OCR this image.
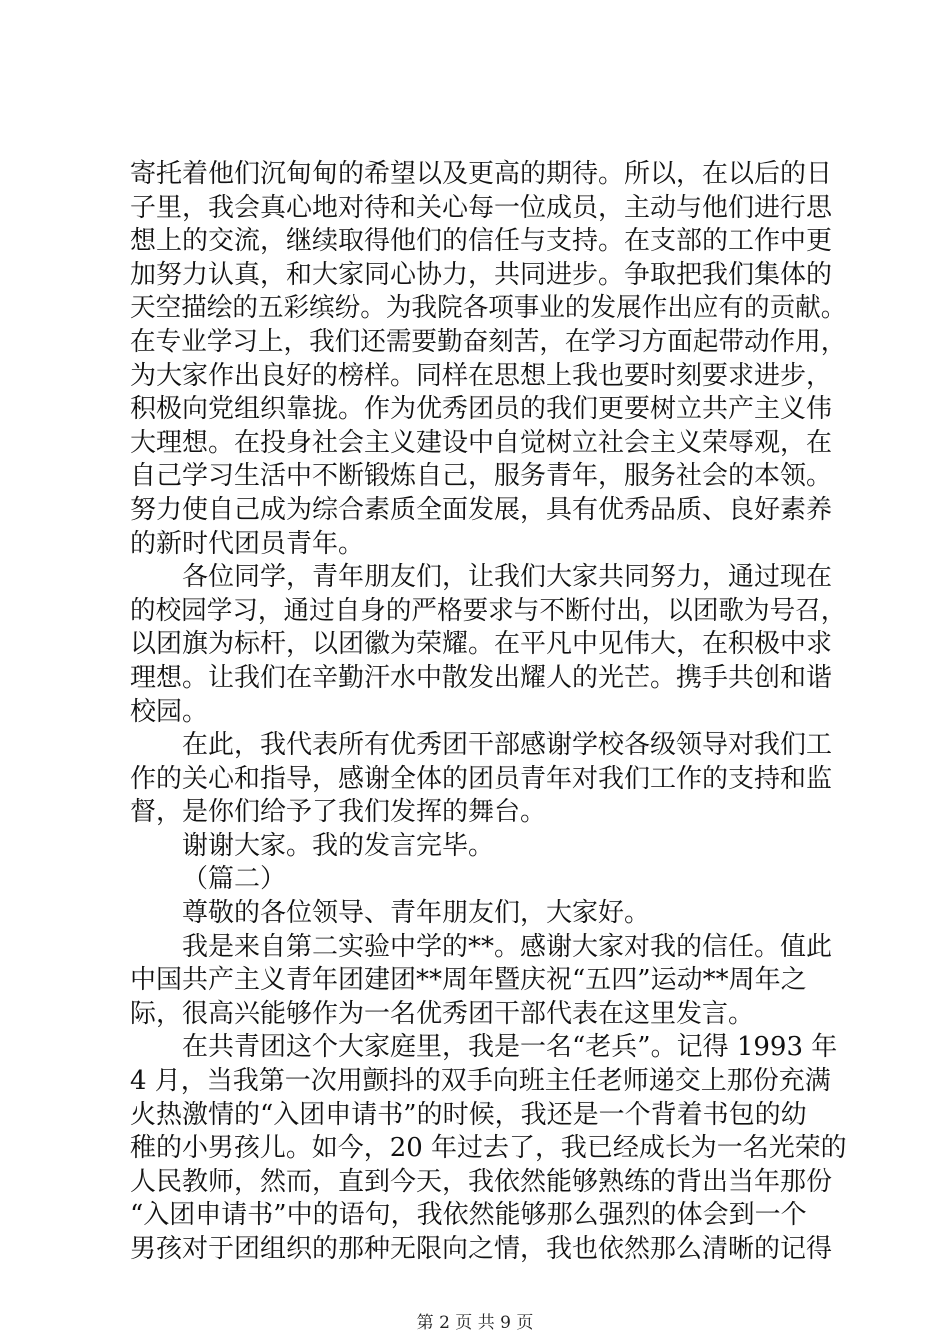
寄托着他们沉甸甸的希望以及更高的期待。所以，在以后的日
子里，我会真心地对待和关心每一位成员，主动与他们进行思
想上的交流，继续取得他们的信任与支持。在支部的工作中更
加努力认真，和大家同心协力，共同进步。争取把我们集体的
天空描绘的五彩缤纷。为我院各项事业的发展作出应有的贡献。
在专业学习上，我们还需要勤奋刻苦，在学习方面起带动作用，
为大家作出良好的榜样。同样在思想上我也要时刻要求进步，
积极向党组织靠拢。作为优秀团员的我们更要树立共产主义伟
大理想。在投身社会主义建设中自觉树立社会主义荣辱观，在
自己学习生活中不断锻炼自己，服务青年，服务社会的本领。
努力使自己成为综合素质全面发展，具有优秀品质、良好素养
的新时代团员青年。
各位同学，青年朋友们，让我们大家共同努力，通过现在
的校园学习，通过自身的严格要求与不断付出，以团歌为号召，
以团旗为标杆，以团徽为荣耀。在平凡中见伟大，在积极中求
理想。让我们在辛勤汗水中散发出耀人的光芒。携手共创和谐
校园。
在此，我代表所有优秀团干部感谢学校各级领导对我们工
作的关心和指导，感谢全体的团员青年对我们工作的支持和监
督，是你们给予了我们发挥的舞台。
谢谢大家。我的发言完毕。
（篇二）
尊敬的各位领导、青年朋友们，大家好。
我是来自第二实验中学的**。感谢大家对我的信任。值此
中国共产主义青年团建团**周年暨庆祝“五四”运动**周年之
际，很高兴能够作为一名优秀团干部代表在这里发言。
在共青团这个大家庭里，我是一名“老兵”。记得 1993 年
4 月，当我第一次用颤抖的双手向班主任老师递交上那份充满
火热激情的“入团申请书”的时候，我还是一个背着书包的幼
稚的小男孩儿。如今，20 年过去了，我已经成长为一名光荣的
人民教师，然而，直到今天，我依然能够熟练的背出当年那份
“入团申请书”中的语句，我依然能够那么强烈的体会到一个
男孩对于团组织的那种无限向之情，我也依然那么清晰的记得
第 2 页 共 9 页
